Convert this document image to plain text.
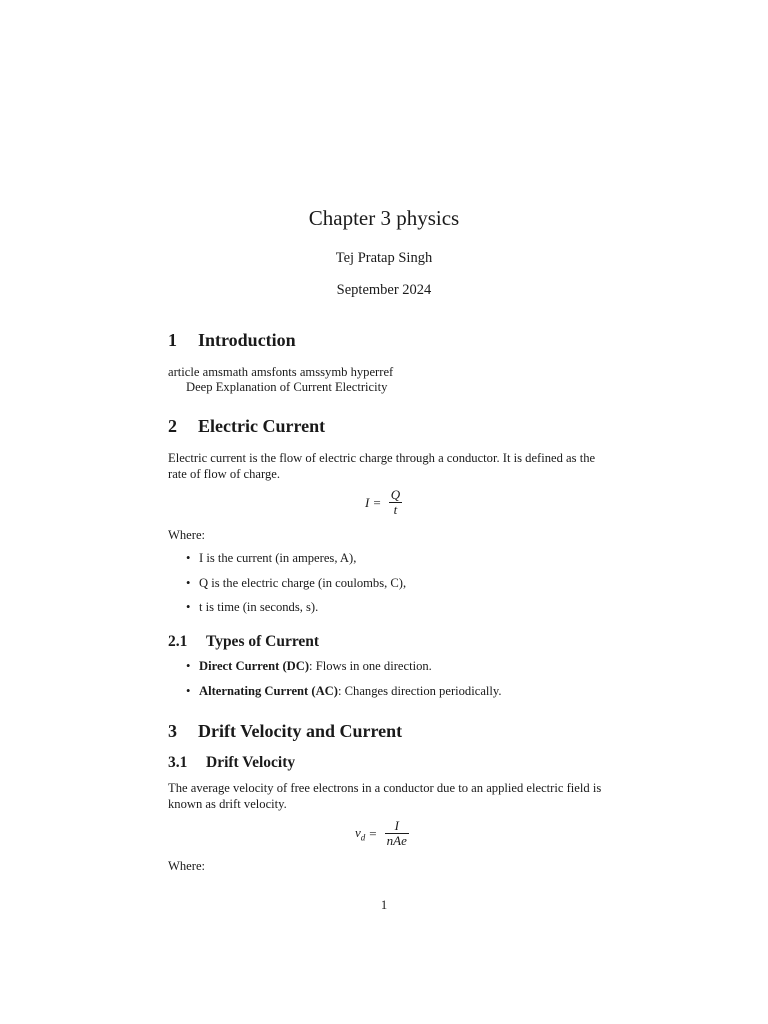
Chapter 3 physics
Tej Pratap Singh
September 2024
1 Introduction
article amsmath amsfonts amssymb hyperref
Deep Explanation of Current Electricity
2 Electric Current
Electric current is the flow of electric charge through a conductor. It is defined as the rate of flow of charge.
$I = \frac{Q}{t}$
Where:
• I is the current (in amperes, A),
• Q is the electric charge (in coulombs, C),
• t is time (in seconds, s).
2.1 Types of Current
• Direct Current (DC): Flows in one direction.
• Alternating Current (AC): Changes direction periodically.
3 Drift Velocity and Current
3.1 Drift Velocity
The average velocity of free electrons in a conductor due to an applied electric field is known as drift velocity.
$v_d = \frac{I}{\text{nAe}}$
Where:
1
